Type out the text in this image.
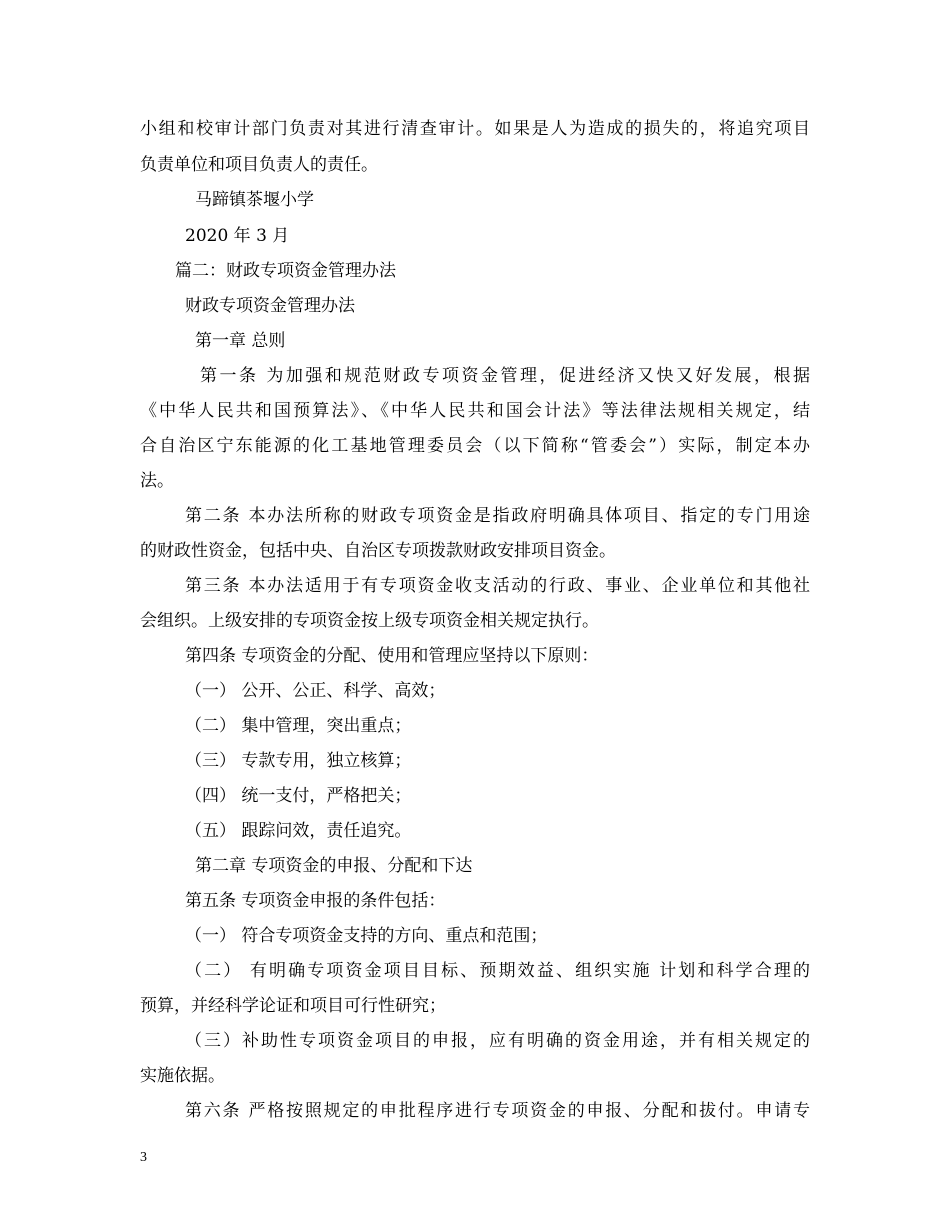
小组和校审计部门负责对其进行清查审计。如果是人为造成的损失的，将追究项目
负责单位和项目负责人的责任。
马蹄镇茶堰小学
2020 年 3 月
篇二：财政专项资金管理办法
财政专项资金管理办法
第一章 总则
第一条 为加强和规范财政专项资金管理，促进经济又快又好发展，根据
《中华人民共和国预算法》、《中华人民共和国会计法》等法律法规相关规定，结
合自治区宁东能源的化工基地管理委员会（以下简称“管委会”）实际，制定本办
法。
第二条 本办法所称的财政专项资金是指政府明确具体项目、指定的专门用途
的财政性资金，包括中央、自治区专项拨款财政安排项目资金。
第三条 本办法适用于有专项资金收支活动的行政、事业、企业单位和其他社
会组织。上级安排的专项资金按上级专项资金相关规定执行。
第四条 专项资金的分配、使用和管理应坚持以下原则：
（一） 公开、公正、科学、高效；
（二） 集中管理，突出重点；
（三） 专款专用，独立核算；
（四） 统一支付，严格把关；
（五） 跟踪问效，责任追究。
第二章 专项资金的申报、分配和下达
第五条 专项资金申报的条件包括：
（一） 符合专项资金支持的方向、重点和范围；
（二） 有明确专项资金项目目标、预期效益、组织实施 计划和科学合理的
预算，并经科学论证和项目可行性研究；
（三）补助性专项资金项目的申报，应有明确的资金用途，并有相关规定的
实施依据。
第六条 严格按照规定的申批程序进行专项资金的申报、分配和拔付。申请专
3
